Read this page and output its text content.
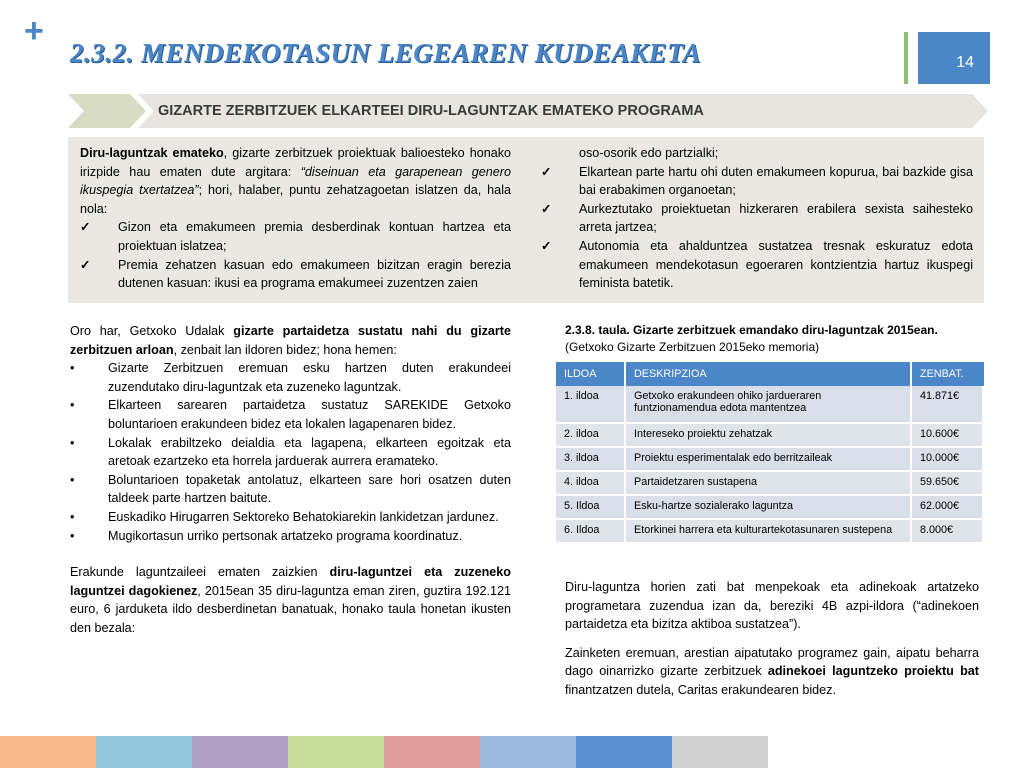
+
2.3.2. MENDEKOTASUN LEGEAREN KUDEAKETA	14
GIZARTE ZERBITZUEK ELKARTEEI DIRU-LAGUNTZAK EMATEKO PROGRAMA

Diru-laguntzak emateko, gizarte zerbitzuek proiektuak balioesteko honako irizpide hau ematen dute argitara: “diseinuan eta garapenean genero ikuspegia txertatzea”; hori, halaber, puntu zehatzagoetan islatzen da, hala nola:

✓	Gizon eta emakumeen premia desberdinak kontuan hartzea eta proiektuan islatzea;
✓	Premia zehatzen kasuan edo emakumeen bizitzan eragin berezia dutenen kasuan: ikusi ea programa emakumeei zuzentzen zaien

oso-osorik edo partzialki;

✓	Elkartean parte hartu ohi duten emakumeen kopurua, bai bazkide gisa bai erabakimen organoetan;
✓	Aurkeztutako proiektuetan hizkeraren erabilera sexista saihesteko arreta jartzea;
✓	Autonomia eta ahalduntzea sustatzea tresnak eskuratuz edota emakumeen mendekotasun egoeraren kontzientzia hartuz ikuspegi feminista batetik.

Oro har, Getxoko Udalak gizarte partaidetza sustatu nahi du gizarte zerbitzuen arloan, zenbait lan ildoren bidez; hona hemen:

•	Gizarte Zerbitzuen eremuan esku hartzen duten erakundeei zuzendutako diru-laguntzak eta zuzeneko laguntzak.
•	Elkarteen sarearen partaidetza sustatuz SAREKIDE Getxoko boluntarioen erakundeen bidez eta lokalen lagapenaren bidez.
•	Lokalak erabiltzeko deialdia eta lagapena, elkarteen egoitzak eta aretoak ezartzeko eta horrela jarduerak aurrera eramateko.
•	Boluntarioen topaketak antolatuz, elkarteen sare hori osatzen duten taldeek parte hartzen baitute.
•	Euskadiko Hirugarren Sektoreko Behatokiarekin lankidetzan jardunez.
•	Mugikortasun urriko pertsonak artatzeko programa koordinatuz.

Erakunde laguntzaileei ematen zaizkien diru-laguntzei eta zuzeneko laguntzei dagokienez, 2015ean 35 diru-laguntza eman ziren, guztira 192.121 euro, 6 jarduketa ildo desberdinetan banatuak, honako taula honetan ikusten den bezala:

2.3.8. taula. Gizarte zerbitzuek emandako diru-laguntzak 2015ean. (Getxoko Gizarte Zerbitzuen 2015eko memoria)
ILDOA	DESKRIPZIOA	ZENBAT.
1. ildoa	Getxoko erakundeen ohiko jardueraren funtzionamendua edota mantentzea	41.871€
2. ildoa	Intereseko proiektu zehatzak	10.600€
3. ildoa	Proiektu esperimentalak edo berritzaileak	10.000€
4. ildoa	Partaidetzaren sustapena	59.650€
5. Ildoa	Esku-hartze sozialerako laguntza	62.000€
6. Ildoa	Etorkinei harrera eta kulturartekotasunaren sustepena	8.000€

Diru-laguntza horien zati bat menpekoak eta adinekoak artatzeko programetara zuzendua izan da, bereziki 4B azpi-ildora (“adinekoen partaidetza eta bizitza aktiboa sustatzea”).

Zainketen eremuan, arestian aipatutako programez gain, aipatu beharra dago oinarrizko gizarte zerbitzuek adinekoei laguntzeko proiektu bat finantzatzen dutela, Caritas erakundearen bidez.
